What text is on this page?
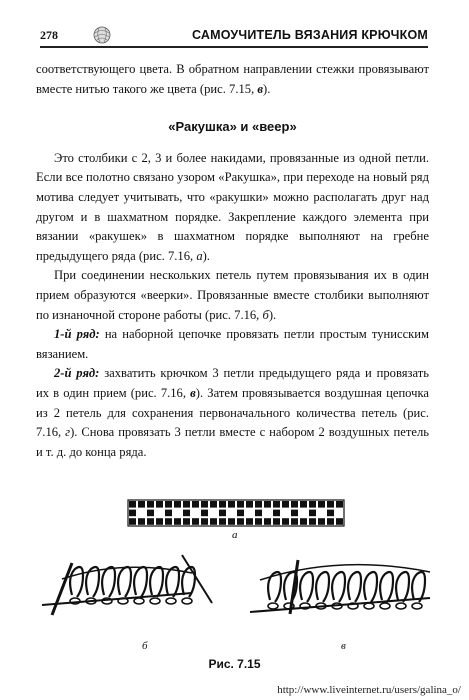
278	САМОУЧИТЕЛЬ ВЯЗАНИЯ КРЮЧКОМ

соответствующего цвета. В обратном направлении стежки провязывают вместе нитью такого же цвета (рис. 7.15, в).

«Ракушка» и «веер»

Это столбики с 2, 3 и более накидами, провязанные из одной петли. Если все полотно связано узором «Ракушка», при переходе на новый ряд мотива следует учитывать, что «ракушки» можно располагать друг над другом и в шахматном порядке. Закрепление каждого элемента при вязании «ракушек» в шахматном порядке выполняют на гребне предыдущего ряда (рис. 7.16, а).

При соединении нескольких петель путем провязывания их в один прием образуются «веерки». Провязанные вместе столбики выполняют по изнаночной стороне работы (рис. 7.16, б).

1-й ряд: на наборной цепочке провязать петли простым тунисским вязанием.

2-й ряд: захватить крючком 3 петли предыдущего ряда и провязать их в один прием (рис. 7.16, в). Затем провязывается воздушная цепочка из 2 петель для сохранения первоначального количества петель (рис. 7.16, г). Снова провязать 3 петли вместе с набором 2 воздушных петель и т. д. до конца ряда.

а
б	в
Рис. 7.15
http://www.liveinternet.ru/users/galina_o/
